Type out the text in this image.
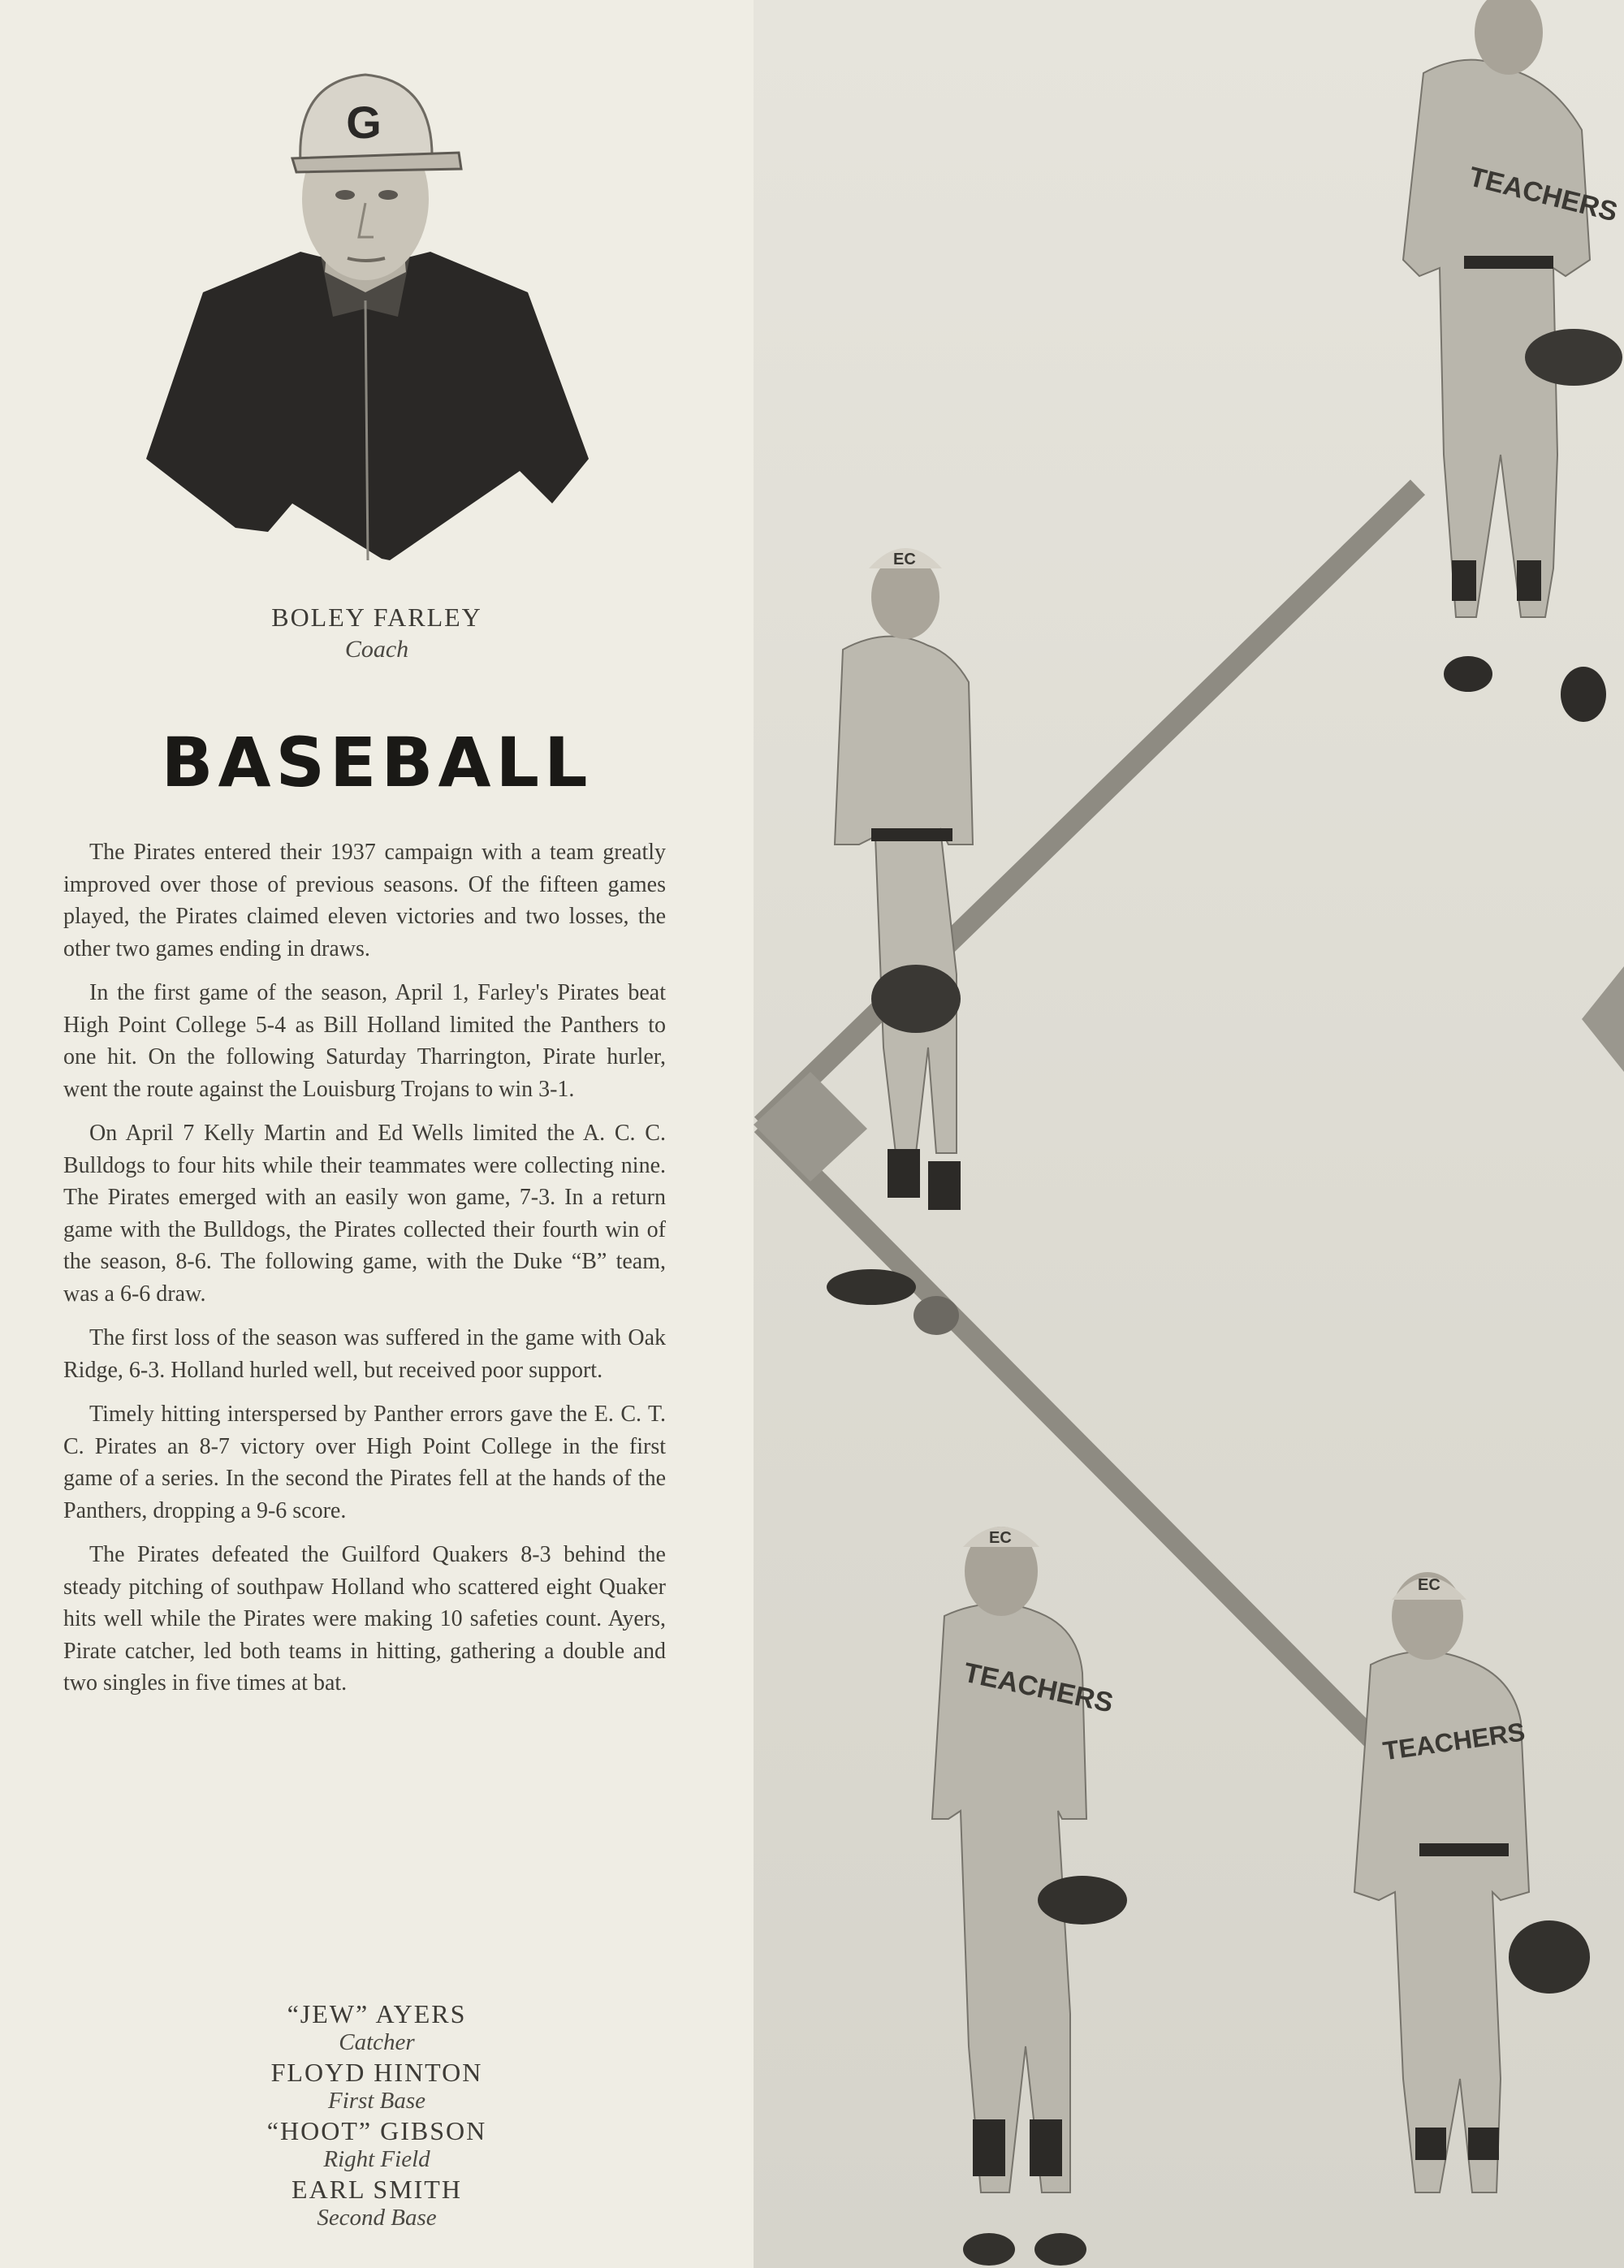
G
BOLEY FARLEY
Coach
BASEBALL

The Pirates entered their 1937 campaign with a team greatly improved over those of previous seasons. Of the fifteen games played, the Pirates claimed eleven victories and two losses, the other two games ending in draws.

In the first game of the season, April 1, Farley's Pirates beat High Point College 5-4 as Bill Holland limited the Panthers to one hit. On the following Saturday Tharrington, Pirate hurler, went the route against the Louisburg Trojans to win 3-1.

On April 7 Kelly Martin and Ed Wells limited the A. C. C. Bulldogs to four hits while their teammates were collecting nine. The Pirates emerged with an easily won game, 7-3. In a return game with the Bulldogs, the Pirates collected their fourth win of the season, 8-6. The following game, with the Duke “B” team, was a 6-6 draw.

The first loss of the season was suffered in the game with Oak Ridge, 6-3. Holland hurled well, but received poor support.

Timely hitting interspersed by Panther errors gave the E. C. T. C. Pirates an 8-7 victory over High Point College in the first game of a series. In the second the Pirates fell at the hands of the Panthers, dropping a 9-6 score.

The Pirates defeated the Guilford Quakers 8-3 behind the steady pitching of southpaw Holland who scattered eight Quaker hits well while the Pirates were making 10 safeties count. Ayers, Pirate catcher, led both teams in hitting, gathering a double and two singles in five times at bat.

“JEW” AYERS
Catcher
FLOYD HINTON
First Base
“HOOT” GIBSON
Right Field
EARL SMITH
Second Base
TEACHERS
EC
EC
TEACHERS
EC
TEACHERS
